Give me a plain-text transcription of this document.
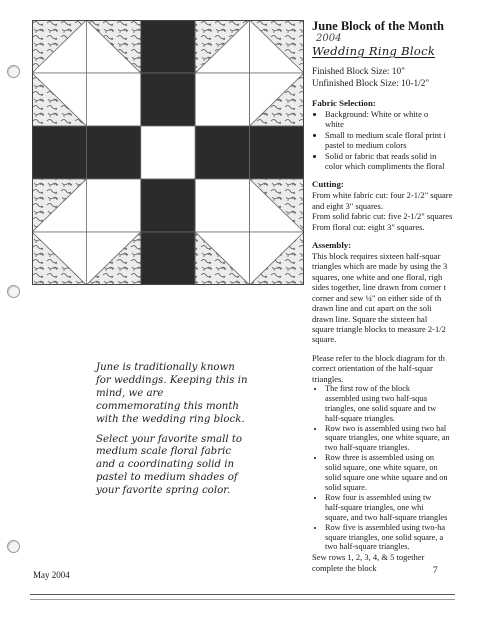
June Block of the Month
2004
Wedding Ring Block
Finished Block Size: 10"
Unfinished Block Size: 10-1/2"
Fabric Selection:
• Background: White or white o
white
• Small to medium scale floral print i
pastel to medium colors
• Solid or fabric that reads solid in
color which compliments the floral
Cutting:
From white fabric cut: four 2-1/2" square
and eight 3" squares.
From solid fabric cut: five 2-1/2" squares
From floral cut: eight 3" squares.
Assembly:
This block requires sixteen half-squar
triangles which are made by using the 3
squares, one white and one floral, righ
sides together, line drawn from corner t
corner and sew ¼" on either side of th
drawn line and cut apart on the soli
drawn line. Square the sixteen hal
square triangle blocks to measure 2-1/2
square.
Please refer to the block diagram for th
correct orientation of the half-squar
triangles.
• The first row of the block
assembled using two half-squa
triangles, one solid square and tw
half-square triangles.
• Row two is assembled using two hal
square triangles, one white square, an
two half-square triangles.
• Row three is assembled using on
solid square, one white square, on
solid square one white square and on
solid square.
• Row four is assembled using tw
half-square triangles, one whi
square, and two half-square triangles
• Row five is assembled using two-ha
square triangles, one solid square, a
two half-square triangles.
Sew rows 1, 2, 3, 4, & 5 together
complete the block

June is traditionally known
for weddings. Keeping this in
mind, we are
commemorating this month
with the wedding ring block.

Select your favorite small to
medium scale floral fabric
and a coordinating solid in
pastel to medium shades of
your favorite spring color.

May 2004	7
